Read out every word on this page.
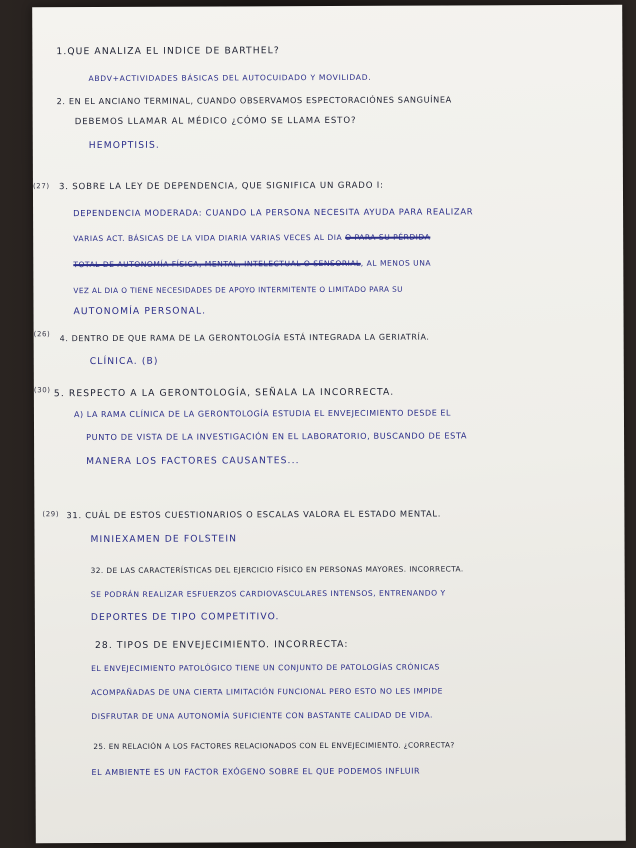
1.QUE ANALIZA EL INDICE DE BARTHEL?

ABDV+ACTIVIDADES BÁSICAS DEL AUTOCUIDADO Y MOVILIDAD.

2. EN EL ANCIANO TERMINAL, CUANDO OBSERVAMOS ESPECTORACIÓNES SANGUÍNEA

DEBEMOS LLAMAR AL MÉDICO ¿CÓMO SE LLAMA ESTO?

HEMOPTISIS.

(27) 3. SOBRE LA LEY DE DEPENDENCIA, QUE SIGNIFICA UN GRADO I:

DEPENDENCIA MODERADA: CUANDO LA PERSONA NECESITA AYUDA PARA REALIZAR

VARIAS ACT. BÁSICAS DE LA VIDA DIARIA VARIAS VECES AL DIA O PARA SU PÉRDIDA

TOTAL DE AUTONOMÍA FÍSICA, MENTAL, INTELECTUAL O SENSORIAL, AL MENOS UNA

VEZ AL DIA O TIENE NECESIDADES DE APOYO INTERMITENTE O LIMITADO PARA SU

AUTONOMÍA PERSONAL.

(26) 4. DENTRO DE QUE RAMA DE LA GERONTOLOGÍA ESTÁ INTEGRADA LA GERIATRÍA.

CLÍNICA. (B)

(30) 5. RESPECTO A LA GERONTOLOGÍA, SEÑALA LA INCORRECTA.

A) LA RAMA CLÍNICA DE LA GERONTOLOGÍA ESTUDIA EL ENVEJECIMIENTO DESDE EL

PUNTO DE VISTA DE LA INVESTIGACIÓN EN EL LABORATORIO, BUSCANDO DE ESTA

MANERA LOS FACTORES CAUSANTES...

(29) 31. CUÁL DE ESTOS CUESTIONARIOS O ESCALAS VALORA EL ESTADO MENTAL.

MINIEXAMEN DE FOLSTEIN

32. DE LAS CARACTERÍSTICAS DEL EJERCICIO FÍSICO EN PERSONAS MAYORES. INCORRECTA.

SE PODRÁN REALIZAR ESFUERZOS CARDIOVASCULARES INTENSOS, ENTRENANDO Y

DEPORTES DE TIPO COMPETITIVO.

28. TIPOS DE ENVEJECIMIENTO. INCORRECTA:

EL ENVEJECIMIENTO PATOLÓGICO TIENE UN CONJUNTO DE PATOLOGÍAS CRÓNICAS

ACOMPAÑADAS DE UNA CIERTA LIMITACIÓN FUNCIONAL PERO ESTO NO LES IMPIDE

DISFRUTAR DE UNA AUTONOMÍA SUFICIENTE CON BASTANTE CALIDAD DE VIDA.

25. EN RELACIÓN A LOS FACTORES RELACIONADOS CON EL ENVEJECIMIENTO. ¿CORRECTA?

EL AMBIENTE ES UN FACTOR EXÓGENO SOBRE EL QUE PODEMOS INFLUIR
